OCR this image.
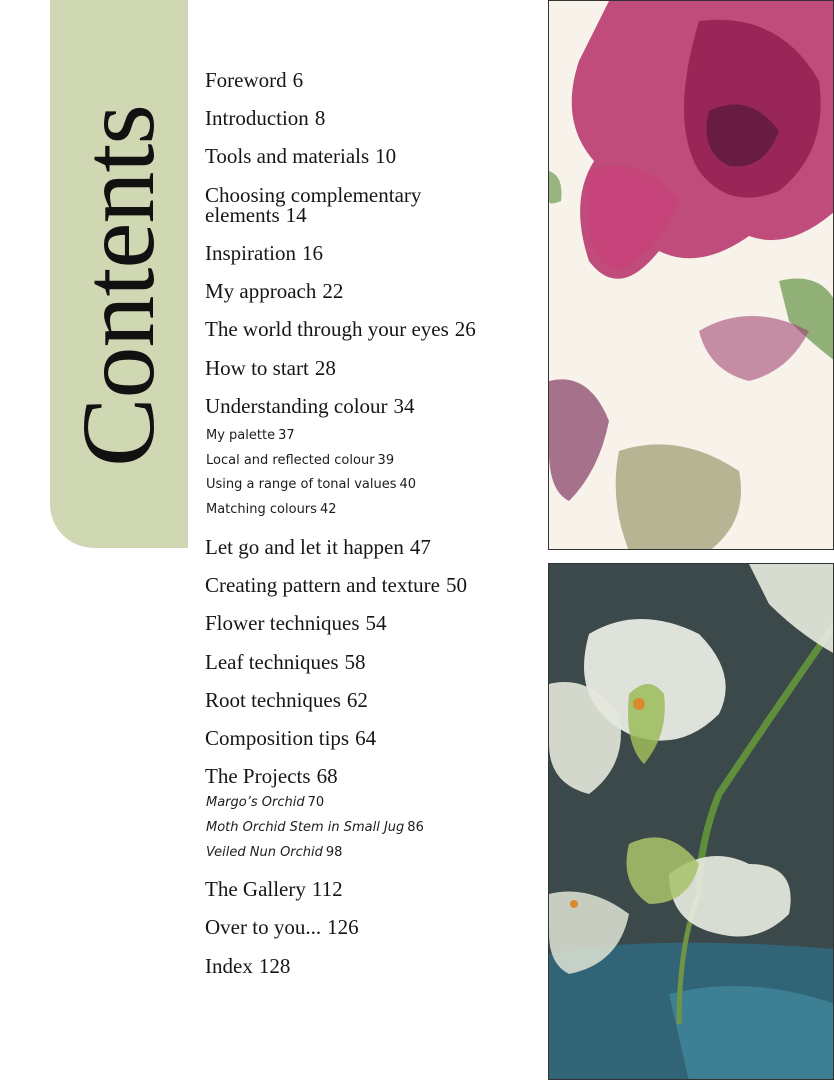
Contents
Foreword 6
Introduction 8
Tools and materials 10
Choosing complementary
elements 14
Inspiration 16
My approach 22
The world through your eyes 26
How to start 28
Understanding colour 34
My palette 37
Local and reflected colour 39
Using a range of tonal values 40
Matching colours 42
Let go and let it happen 47
Creating pattern and texture 50
Flower techniques 54
Leaf techniques 58
Root techniques 62
Composition tips 64
The Projects 68
Margo’s Orchid 70
Moth Orchid Stem in Small Jug 86
Veiled Nun Orchid 98
The Gallery 112
Over to you... 126
Index 128
